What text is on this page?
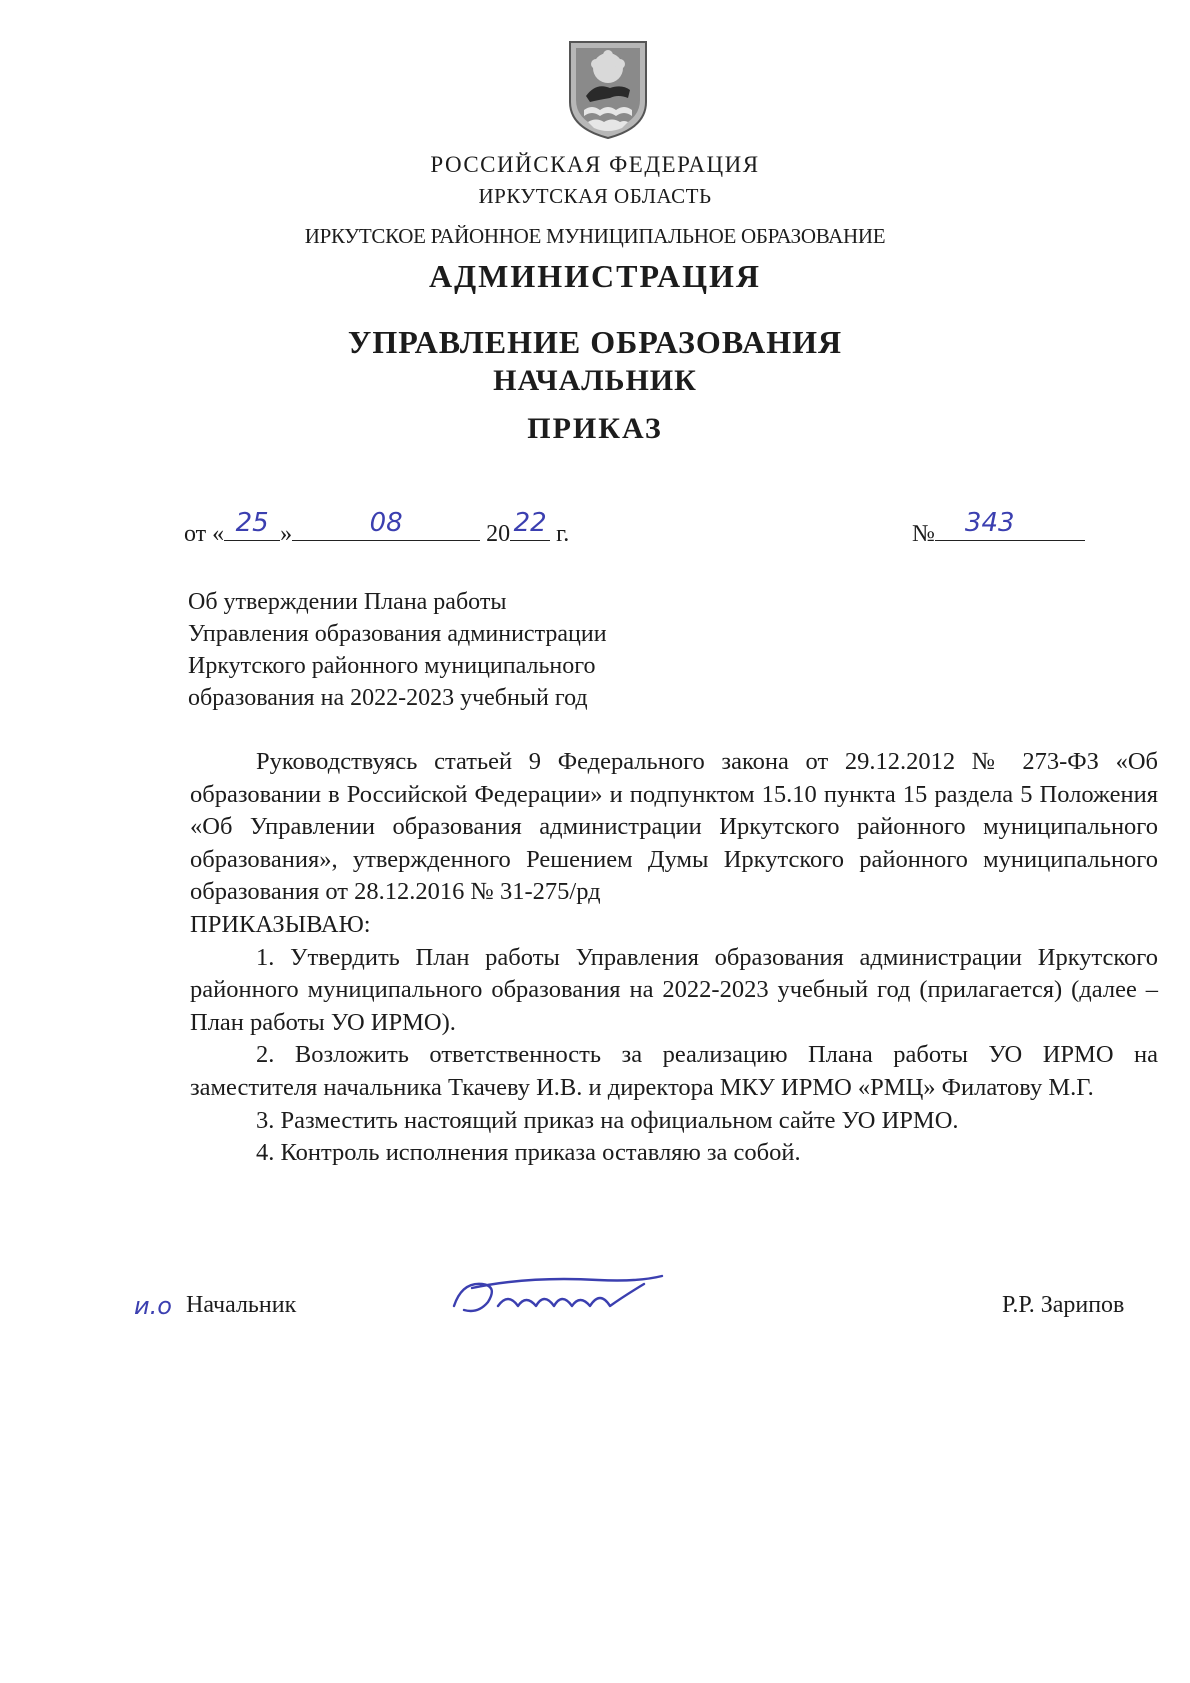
РОССИЙСКАЯ ФЕДЕРАЦИЯ
ИРКУТСКАЯ ОБЛАСТЬ
ИРКУТСКОЕ РАЙОННОЕ МУНИЦИПАЛЬНОЕ ОБРАЗОВАНИЕ
АДМИНИСТРАЦИЯ
УПРАВЛЕНИЕ ОБРАЗОВАНИЯ
НАЧАЛЬНИК
ПРИКАЗ
от « 25 »	08	20 22 г.	№	343
Об утверждении Плана работы
Управления образования администрации
Иркутского районного муниципального
образования на 2022-2023 учебный год

Руководствуясь статьей 9 Федерального закона от 29.12.2012 № 273-ФЗ «Об образовании в Российской Федерации» и подпунктом 15.10 пункта 15 раздела 5 Положения «Об Управлении образования администрации Иркутского районного муниципального образования», утвержденного Решением Думы Иркутского районного муниципального образования от 28.12.2016 № 31-275/рд

ПРИКАЗЫВАЮ:

1. Утвердить План работы Управления образования администрации Иркутского районного муниципального образования на 2022-2023 учебный год (прилагается) (далее – План работы УО ИРМО).

2. Возложить ответственность за реализацию Плана работы УО ИРМО на заместителя начальника Ткачеву И.В. и директора МКУ ИРМО «РМЦ» Филатову М.Г.

3. Разместить настоящий приказ на официальном сайте УО ИРМО.

4. Контроль исполнения приказа оставляю за собой.

и.о Начальник	Р.Р. Зарипов
